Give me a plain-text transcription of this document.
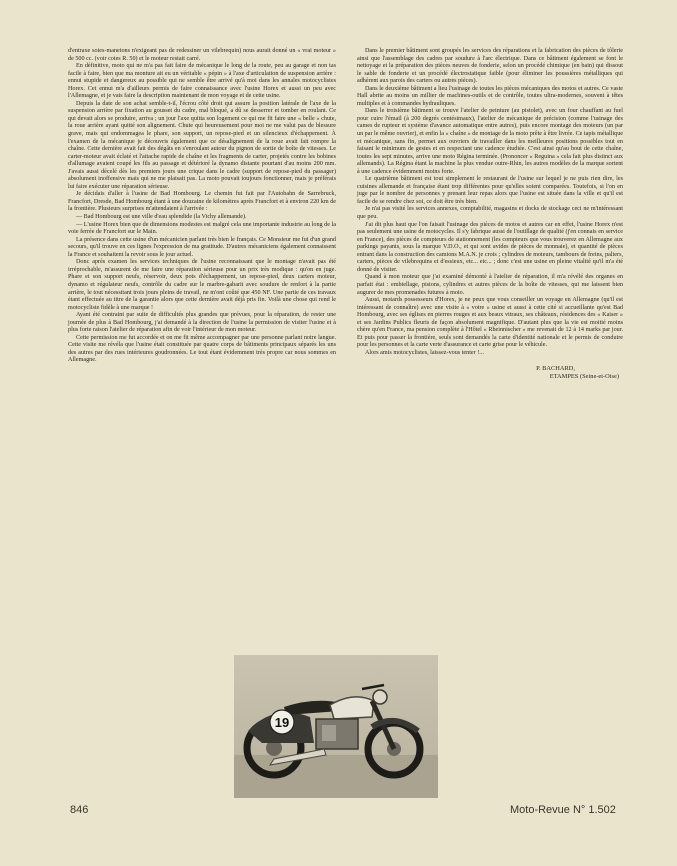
d'entraxe soies-manetons n'exigeant pas de redessiner un vilebrequin) nous aurait donné un « vrai moteur » de 500 cc. (voir cotes R. 50) et le moteur restait carré.

En définitive, moto qui ne m'a pas fait faire de mécanique le long de la route, peu au garage et non tas facile à faire, bien que ma monture ait eu un véritable « pépin » à l'axe d'articulation de suspension arrière : ennui stupide et dangereux au possible qui ne semble être arrivé qu'à moi dans les annales motocyclistes Horex. Cet ennui m'a d'ailleurs permis de faire connaissance avec l'usine Horex et aussi un peu avec l'Allemagne, et je vais faire la description maintenant de mon voyage et de cette usine.

Depuis la date de son achat semble-t-il, l'écrou côté droit qui assure la position latérale de l'axe de la suspension arrière par fixation au gousset du cadre, mal bloqué, a dû se desserrer et tomber en roulant. Ce qui devait alors se produire, arriva ; un jour l'axe quitta son logement ce qui me fit faire une « belle » chute, la roue arrière ayant quitté son alignement. Chute qui heureusement pour moi ne me valut pas de blessure grave, mais qui endommagea le phare, son support, un repose-pied et un silencieux d'échappement. À l'examen de la mécanique je découvris également que ce désalignement de la roue avait fait rompre la chaîne. Cette dernière avait fait des dégâts en s'enroulant autour du pignon de sortie de boîte de vitesses. Le carter-moteur avait éclaté et l'attache rapide de chaîne et les fragments de carter, projetés contre les bobines d'allumage avaient coupé les fils au passage et détérioré la dynamo distante pourtant d'au moins 200 mm. J'avais aussi décelé dès les premiers jours une crique dans le cadre (support de repose-pied du passager) absolument inoffensive mais qui ne me plaisait pas. La moto pouvait toujours fonctionner, mais je préférais lui faire exécuter une réparation sérieuse.

Je décidais d'aller à l'usine de Bad Hombourg. Le chemin fut fait par l'Autobahn de Sarrebruck, Francfort, Dresde, Bad Hombourg étant à une douzaine de kilomètres après Francfort et à environ 220 km de la frontière. Plusieurs surprises m'attendaient à l'arrivée :

— Bad Hombourg est une ville d'eau splendide (la Vichy allemande).

— L'usine Horex bien que de dimensions modestes est malgré cela une importante industrie au long de la voie ferrée de Francfort sur le Main.

La présence dans cette usine d'un mécanicien parlant très bien le français. Ce Monsieur me fut d'un grand secours, qu'il trouve en ces lignes l'expression de ma gratitude. D'autres mécaniciens également connaissent la France et souhaitent la revoir sous le jour actuel.

Donc après examen les services techniques de l'usine reconnaissant que le montage n'avait pas été irréprochable, m'assurent de me faire une réparation sérieuse pour un prix très modique : qu'on en juge. Phare et son support neufs, réservoir, deux pots d'échappement, un repose-pied, deux carters moteur, dynamo et régulateur neufs, contrôle du cadre sur le marbre-gabarit avec soudure de renfort à la partie arrière, le tout nécessitant trois jours pleins de travail, ne m'ont coûté que 450 NF. Une partie de ces travaux étant effectuée au titre de la garantie alors que cette dernière avait déjà pris fin. Voilà une chose qui rend le motocycliste fidèle à une marque !

Ayant été contraint par suite de difficultés plus grandes que prévues, pour la réparation, de rester une journée de plus à Bad Hombourg, j'ai demandé à la direction de l'usine la permission de visiter l'usine et à plus forte raison l'atelier de réparation afin de voir l'intérieur de mon moteur.

Cette permission me fut accordée et on me fit même accompagner par une personne parlant notre langue. Cette visite me révéla que l'usine était constituée par quatre corps de bâtiments principaux séparés les uns des autres par des rues intérieures goudronnées. Le tout étant évidemment très propre car nous sommes en Allemagne.

Dans le premier bâtiment sont groupés les services des réparations et la fabrication des pièces de tôlerie ainsi que l'assemblage des cadres par soudure à l'arc électrique. Dans ce bâtiment également se font le nettoyage et la préparation des pièces neuves de fonderie, selon un procédé chimique (en bain) qui dissout le sable de fonderie et un procédé électrostatique faible (pour éliminer les poussières métalliques qui adhèrent aux parois des carters ou autres pièces).

Dans le deuxième bâtiment a lieu l'usinage de toutes les pièces mécaniques des motos et autres. Ce vaste Hall abrite au moins un millier de machines-outils et de contrôle, toutes ultra-modernes, souvent à têtes multiples et à commandes hydrauliques.

Dans le troisième bâtiment se trouve l'atelier de peinture (au pistolet), avec un four chauffant au fuel pour cuire l'émail (à 200 degrés centésimaux), l'atelier de mécanique de précision (comme l'usinage des cames de rupteur et système d'avance automatique entre autres), puis encore montage des moteurs (un par un par le même ouvrier), et enfin la « chaîne » de montage de la moto prête à être livrée. Ce tapis métallique et mécanique, sans fin, permet aux ouvriers de travailler dans les meilleures positions possibles tout en faisant le minimum de gestes et en respectant une cadence étudiée. C'est ainsi qu'au bout de cette chaîne, toutes les sept minutes, arrive une moto Régina terminée. (Prononcer « Reguina » cela fait plus distinct aux allemands). La Régina étant la machine la plus vendue outre-Rhin, les autres modèles de la marque sortent à une cadence évidemment moins forte.

Le quatrième bâtiment est tout simplement le restaurant de l'usine sur lequel je ne puis rien dire, les cuisines allemande et française étant trop différentes pour qu'elles soient comparées. Toutefois, si l'on en juge par le nombre de personnes y prenant leur repas alors que l'usine est située dans la ville et qu'il est facile de se rendre chez soi, ce doit être très bien.

Je n'ai pas visité les services annexes, comptabilité, magasins et docks de stockage ceci ne m'intéressant que peu.

J'ai dit plus haut que l'on faisait l'usinage des pièces de motos et autres car en effet, l'usine Horex n'est pas seulement une usine de motocycles. Il s'y fabrique aussi de l'outillage de qualité (j'en connais en service en France), des pièces de compteurs de stationnement (les compteurs que vous trouverez en Allemagne aux parkings payants, sous la marque V.D.O., et qui sont avides de pièces de monnaie), et quantité de pièces entrant dans la construction des camions M.A.N. je crois ; cylindres de moteurs, tambours de freins, paliers, carters, pièces de vilebrequins et d'essieux, etc... etc... ; donc c'est une usine en pleine vitalité qu'il m'a été donné de visiter.

Quand à mon moteur que j'ai examiné démonté à l'atelier de réparation, il m'a révélé des organes en parfait état : embiellage, pistons, cylindres et autres pièces de la boîte de vitesses, qui me laissent bien augurer de mes promenades futures à moto.

Aussi, motards possesseurs d'Horex, je ne peux que vous conseiller un voyage en Allemagne (qu'il est intéressant de connaître) avec une visite à « votre » usine et aussi à cette cité si accueillante qu'est Bad Hombourg, avec ses églises en pierres rouges et aux beaux vitraux, ses châteaux, résidences des « Kaiser » et ses Jardins Publics fleuris de façon absolument magnifique. D'autant plus que la vie est moitié moins chère qu'en France, ma pension complète à l'Hôtel « Rheinnischer » me revenait de 12 à 14 marks par jour. Et puis pour passer la frontière, seuls sont demandés la carte d'identité nationale et le permis de conduire pour les personnes et la carte verte d'assurance et carte grise pour le véhicule.

Alors amis motocyclistes, laissez-vous tenter !...

P. BACHARD,
ETAMPES (Seine-et-Oise)
19
846	Moto-Revue N° 1.502
